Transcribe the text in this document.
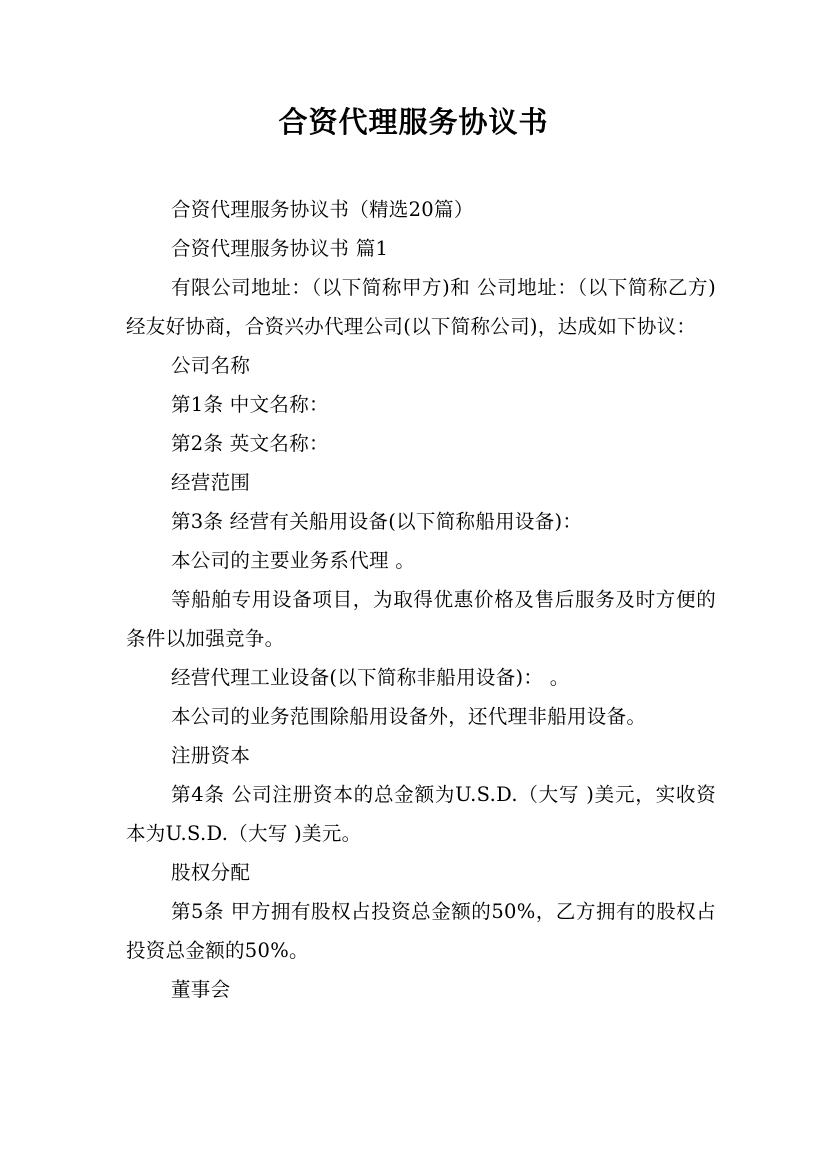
合资代理服务协议书

合资代理服务协议书（精选20篇）

合资代理服务协议书 篇1

有限公司地址：（以下简称甲方)和 公司地址：（以下简称乙方)经友好协商，合资兴办代理公司(以下简称公司)，达成如下协议：

公司名称

第1条 中文名称：

第2条 英文名称：

经营范围

第3条 经营有关船用设备(以下简称船用设备)：

本公司的主要业务系代理 。

等船舶专用设备项目，为取得优惠价格及售后服务及时方便的条件以加强竞争。

经营代理工业设备(以下简称非船用设备)： 。

本公司的业务范围除船用设备外，还代理非船用设备。

注册资本

第4条 公司注册资本的总金额为U.S.D.（大写 )美元，实收资本为U.S.D.（大写 )美元。

股权分配

第5条 甲方拥有股权占投资总金额的50%，乙方拥有的股权占投资总金额的50%。

董事会
